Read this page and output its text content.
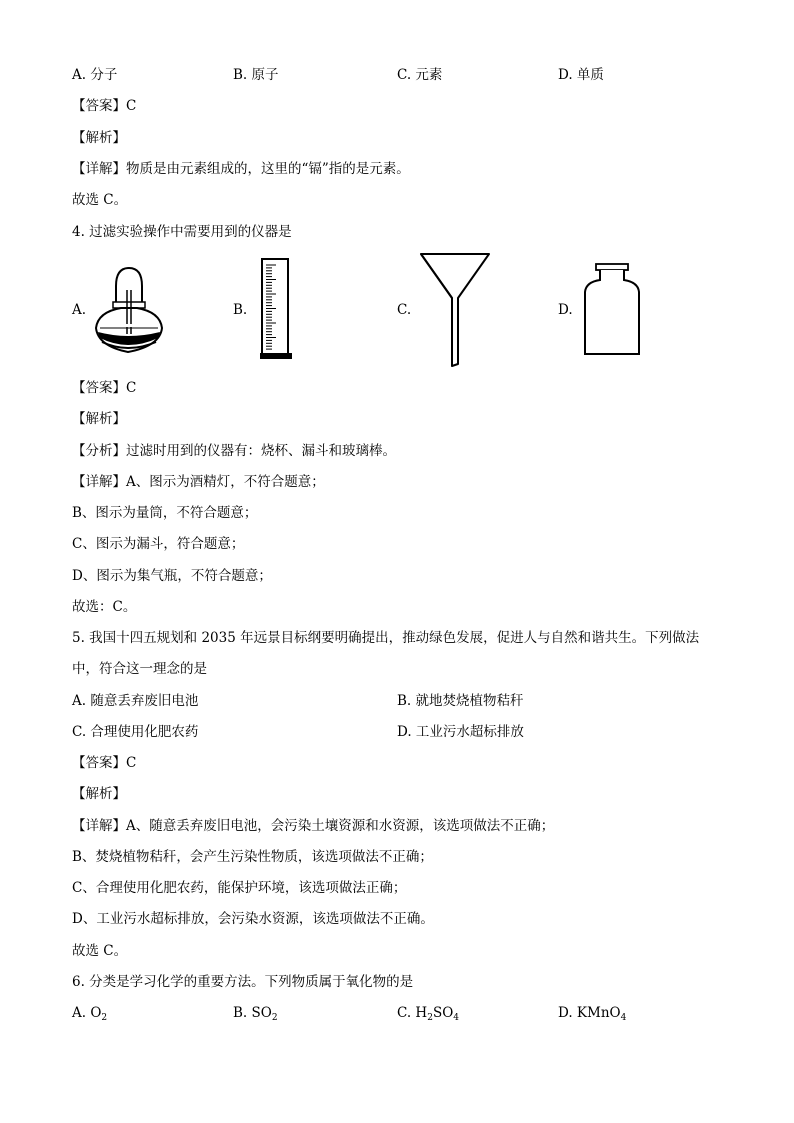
A. 分子	B. 原子	C. 元素	D. 单质
【答案】C
【解析】
【详解】物质是由元素组成的，这里的“镉”指的是元素。
故选 C。
4. 过滤实验操作中需要用到的仪器是
A.	B.	C.	D.
【答案】C
【解析】
【分析】过滤时用到的仪器有：烧杯、漏斗和玻璃棒。
【详解】A、图示为酒精灯，不符合题意；
B、图示为量筒，不符合题意；
C、图示为漏斗，符合题意；
D、图示为集气瓶，不符合题意；
故选：C。
5. 我国十四五规划和 2035 年远景目标纲要明确提出，推动绿色发展，促进人与自然和谐共生。下列做法
中，符合这一理念的是
A. 随意丢弃废旧电池	B. 就地焚烧植物秸秆
C. 合理使用化肥农药	D. 工业污水超标排放
【答案】C
【解析】
【详解】A、随意丢弃废旧电池，会污染土壤资源和水资源，该选项做法不正确；
B、焚烧植物秸秆，会产生污染性物质，该选项做法不正确；
C、合理使用化肥农药，能保护环境，该选项做法正确；
D、工业污水超标排放，会污染水资源，该选项做法不正确。
故选 C。
6. 分类是学习化学的重要方法。下列物质属于氧化物的是
A. $O_2$	B. $SO_2$	C. $H_2SO_4$	D. KMnO$_4$
